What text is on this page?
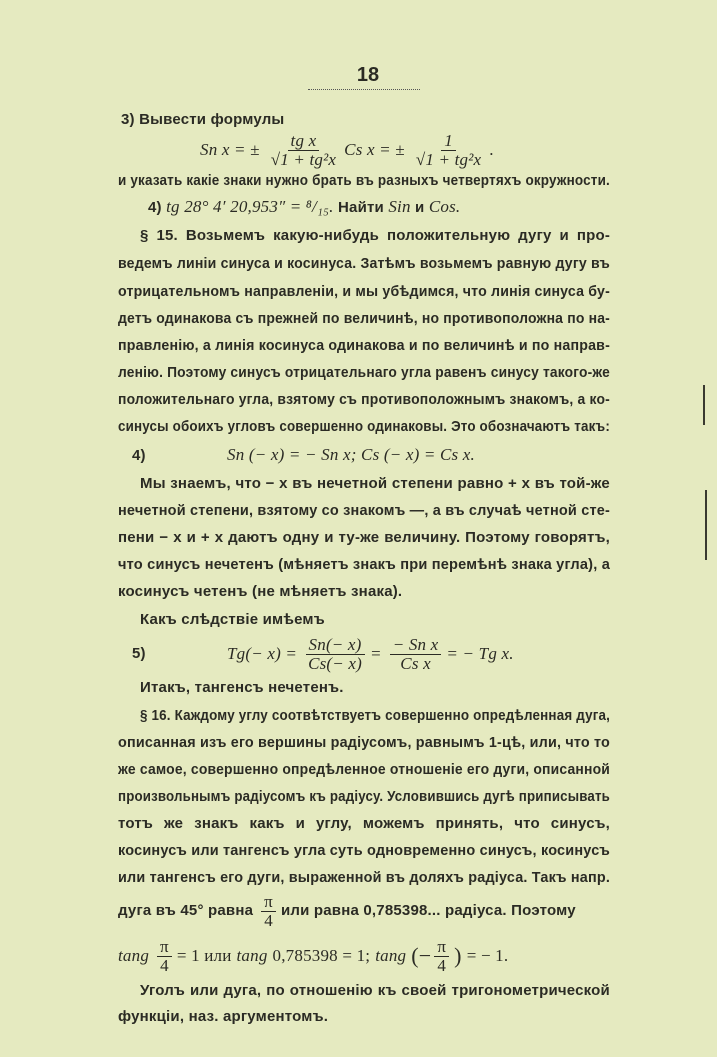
18
3) Вывести формулы
Sn x = ± $\frac{\text{tg x}}{\text{√1 + tg²x}}$ Cs x = ± $\frac{1}{\text{√1 + tg²x}}$ .
и указать какіе знаки нужно брать въ разныхъ четвертяхъ окружности.
4) tg 28° 4′ 20,953″ = ⁸/₁₅. Найти Sin и Cos.
§ 15. Возьмемъ какую-нибудь положительную дугу и про-
ведемъ линіи синуса и косинуса. Затѣмъ возьмемъ равную дугу въ
отрицательномъ направленіи, и мы убѣдимся, что линія синуса бу-
детъ одинакова съ прежней по величинѣ, но противоположна по на-
правленію, а линія косинуса одинакова и по величинѣ и по направ-
ленію. Поэтому синусъ отрицательнаго угла равенъ синусу такого-же
положительнаго угла, взятому съ противоположнымъ знакомъ, а ко-
синусы обоихъ угловъ совершенно одинаковы. Это обозначаютъ такъ:
4)	Sn (− x) = − Sn x; Cs (− x) = Cs x.
Мы знаемъ, что − x въ нечетной степени равно + x въ той-же
нечетной степени, взятому со знакомъ —, а въ случаѣ четной сте-
пени − x и + x даютъ одну и ту-же величину. Поэтому говорятъ,
что синусъ нечетенъ (мѣняетъ знакъ при перемѣнѣ знака угла), а
косинусъ четенъ (не мѣняетъ знака).
Какъ слѣдствіе имѣемъ
5)	$Tg(- x) = \frac{Sn(- x)}{Cs(- x)} = \frac{\text{− Sn x}}{\text{Cs x}}$ = − Tg x.
Итакъ, тангенсъ нечетенъ.
§ 16. Каждому углу соотвѣтствуетъ совершенно опредѣленная дуга,
описанная изъ его вершины радіусомъ, равнымъ 1-цѣ, или, что то
же самое, совершенно опредѣленное отношеніе его дуги, описанной
произвольнымъ радіусомъ къ радіусу. Условившись дугѣ приписывать
тотъ же знакъ какъ и углу, можемъ принять, что синусъ,
косинусъ или тангенсъ угла суть одновременно синусъ, косинусъ
или тангенсъ его дуги, выраженной въ доляхъ радіуса. Такъ напр.
дуга въ 45° равна $\frac{\pi}{4}$ или равна 0,785398... радіуса. Поэтому
tang $\frac{\pi}{4} = 1$ или tang 0,785398 = 1; tang (− $\frac{\pi}{4}$ ) = − 1.
Уголъ или дуга, по отношенію къ своей тригонометрической
функціи, наз. аргументомъ.
